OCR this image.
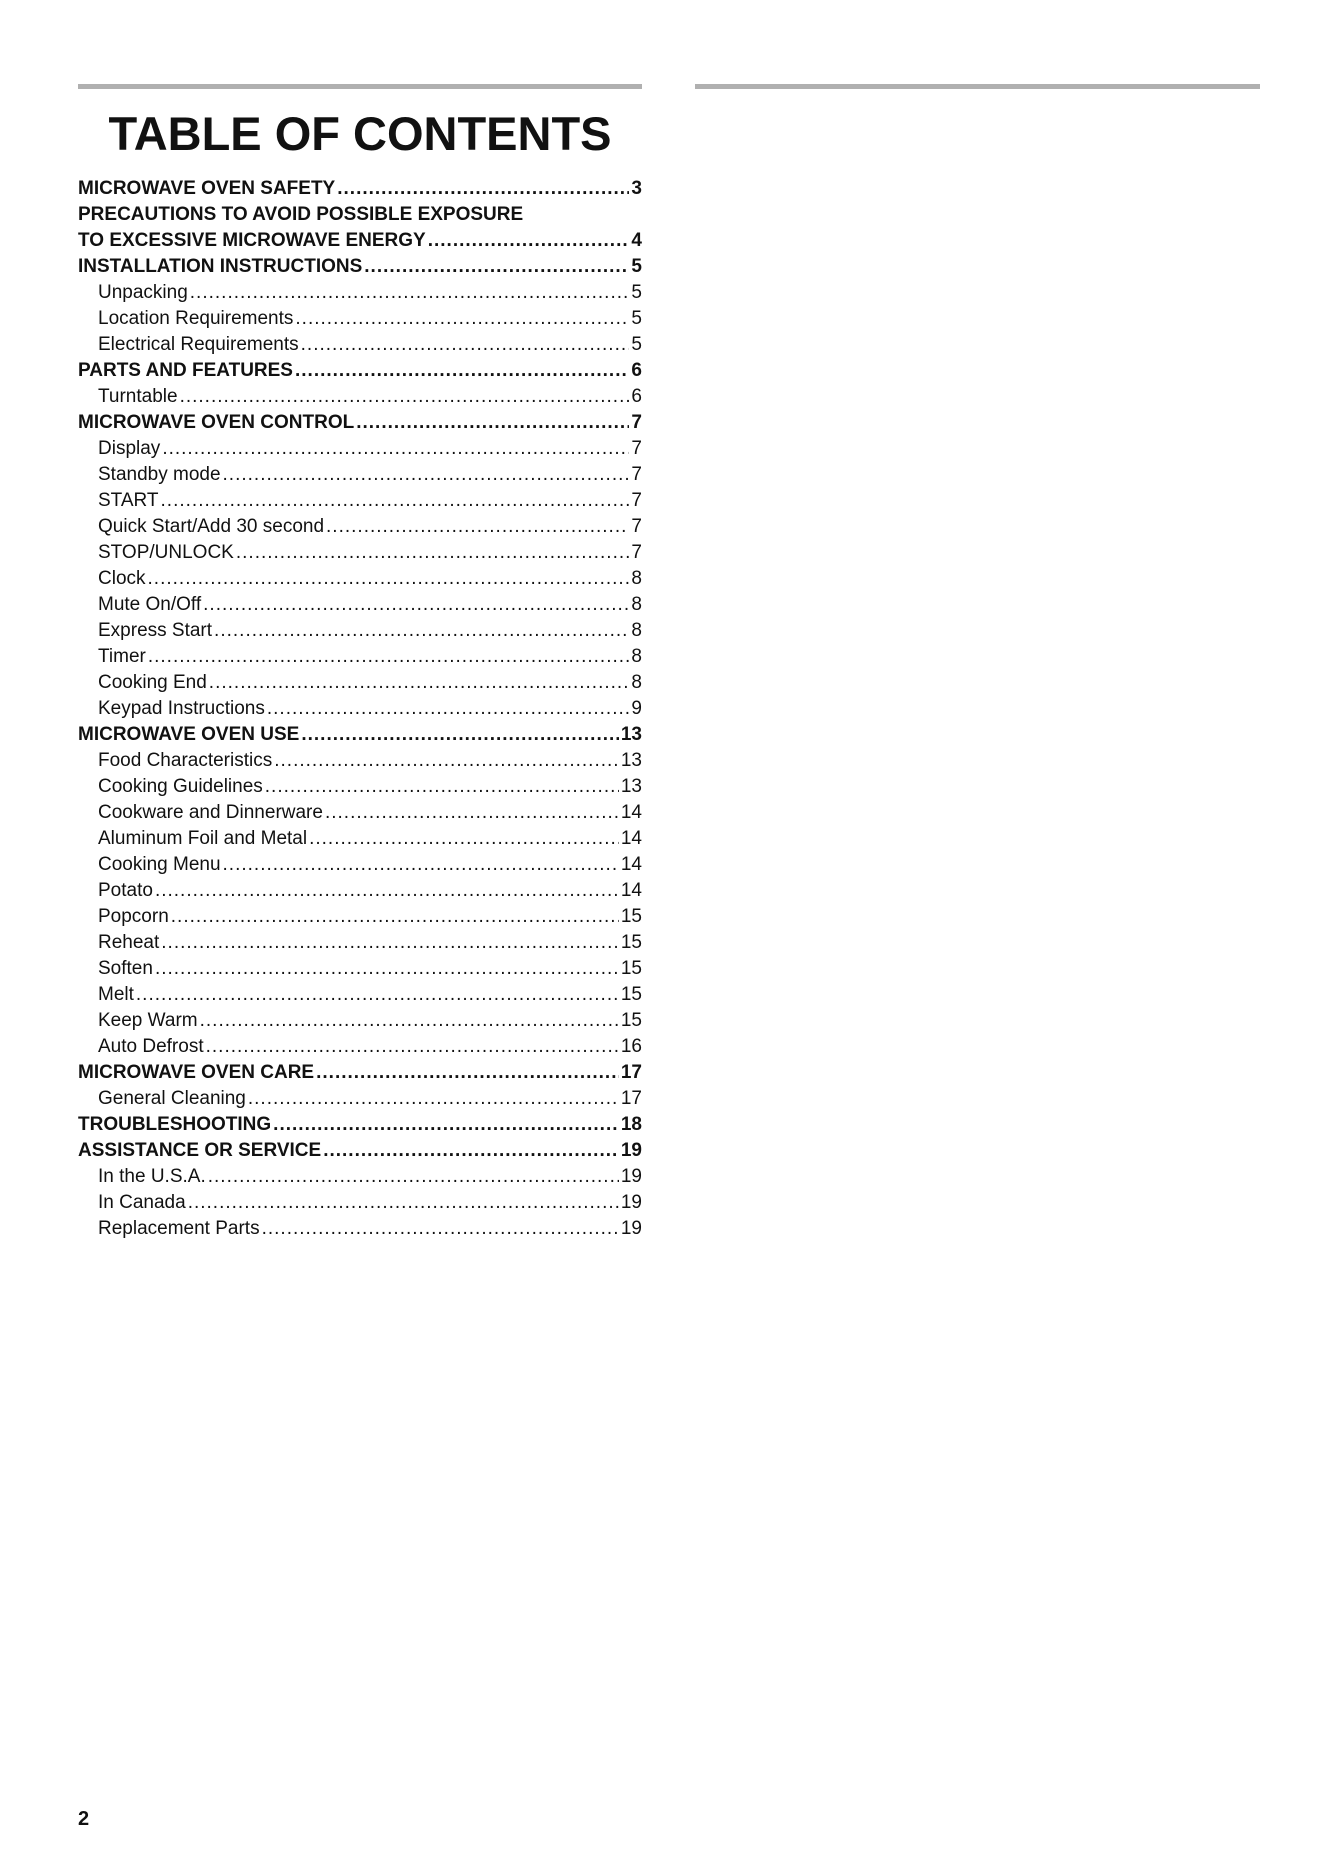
TABLE OF CONTENTS
MICROWAVE OVEN SAFETY .....	3
PRECAUTIONS TO AVOID POSSIBLE EXPOSURE
TO EXCESSIVE MICROWAVE ENERGY .....	4
INSTALLATION INSTRUCTIONS .....	5
Unpacking .....	5
Location Requirements .....	5
Electrical Requirements .....	5
PARTS AND FEATURES .....	6
Turntable .....	6
MICROWAVE OVEN CONTROL .....	7
Display .....	7
Standby mode .....	7
START .....	7
Quick Start/Add 30 second .....	7
STOP/UNLOCK .....	7
Clock .....	8
Mute On/Off .....	8
Express Start .....	8
Timer .....	8
Cooking End .....	8
Keypad Instructions .....	9
MICROWAVE OVEN USE .....	13
Food Characteristics .....	13
Cooking Guidelines .....	13
Cookware and Dinnerware .....	14
Aluminum Foil and Metal .....	14
Cooking Menu .....	14
Potato .....	14
Popcorn .....	15
Reheat .....	15
Soften .....	15
Melt .....	15
Keep Warm .....	15
Auto Defrost .....	16
MICROWAVE OVEN CARE .....	17
General Cleaning .....	17
TROUBLESHOOTING .....	18
ASSISTANCE OR SERVICE .....	19
In the U.S.A. .....	19
In Canada .....	19
Replacement Parts .....	19
2
